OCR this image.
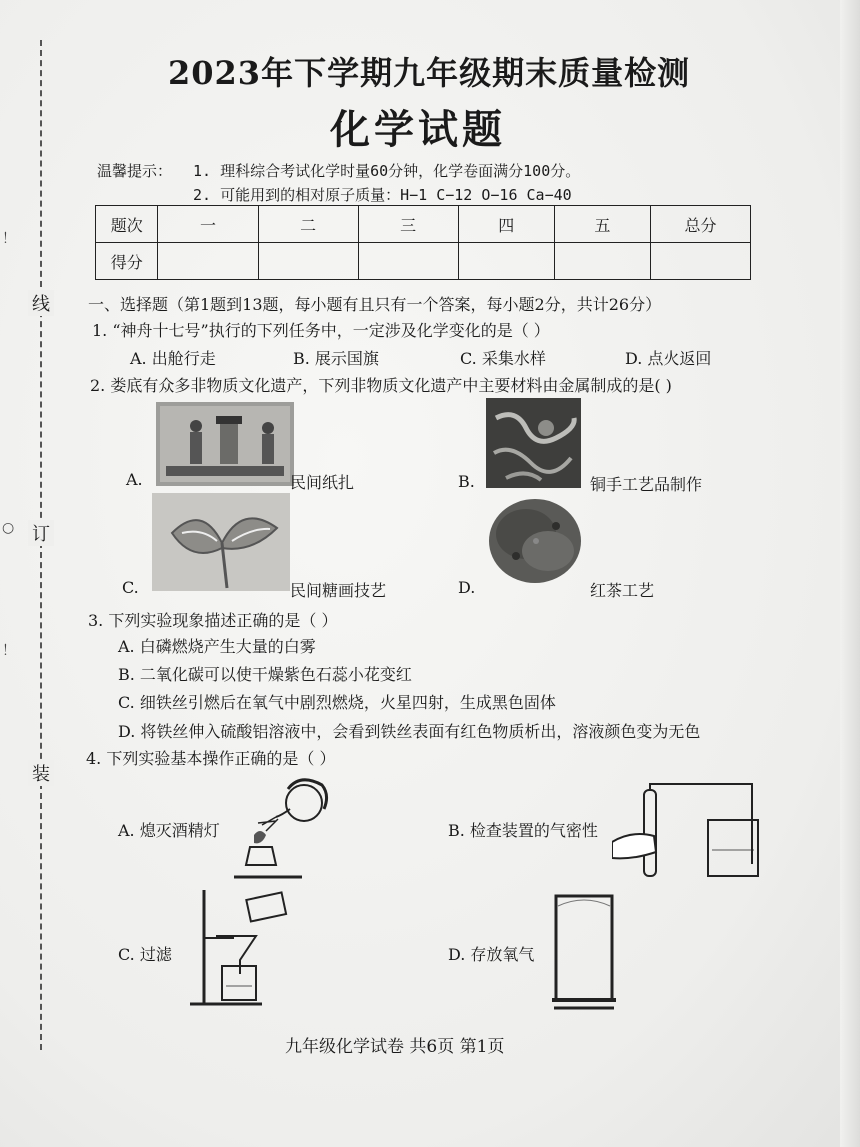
线
订
装
！
○
！
2023年下学期九年级期末质量检测
化学试题
温馨提示： 1. 理科综合考试化学时量60分钟，化学卷面满分100分。
2. 可能用到的相对原子质量：H−1 C−12 O−16 Ca−40
题次	一	二	三	四	五	总分
得分						
一、选择题（第1题到13题，每小题有且只有一个答案，每小题2分，共计26分）
1. “神舟十七号”执行的下列任务中，一定涉及化学变化的是（ ）
A. 出舱行走	B. 展示国旗	C. 采集水样	D. 点火返回
2. 娄底有众多非物质文化遗产，下列非物质文化遗产中主要材料由金属制成的是( )
A.	民间纸扎	B.	铜手工艺品制作
C.	民间糖画技艺	D.	红茶工艺
3. 下列实验现象描述正确的是（ ）
A. 白磷燃烧产生大量的白雾
B. 二氧化碳可以使干燥紫色石蕊小花变红
C. 细铁丝引燃后在氧气中剧烈燃烧，火星四射，生成黑色固体
D. 将铁丝伸入硫酸铝溶液中，会看到铁丝表面有红色物质析出，溶液颜色变为无色
4. 下列实验基本操作正确的是（ ）
A. 熄灭酒精灯	B. 检查装置的气密性
C. 过滤	D. 存放氧气
九年级化学试卷 共6页 第1页
